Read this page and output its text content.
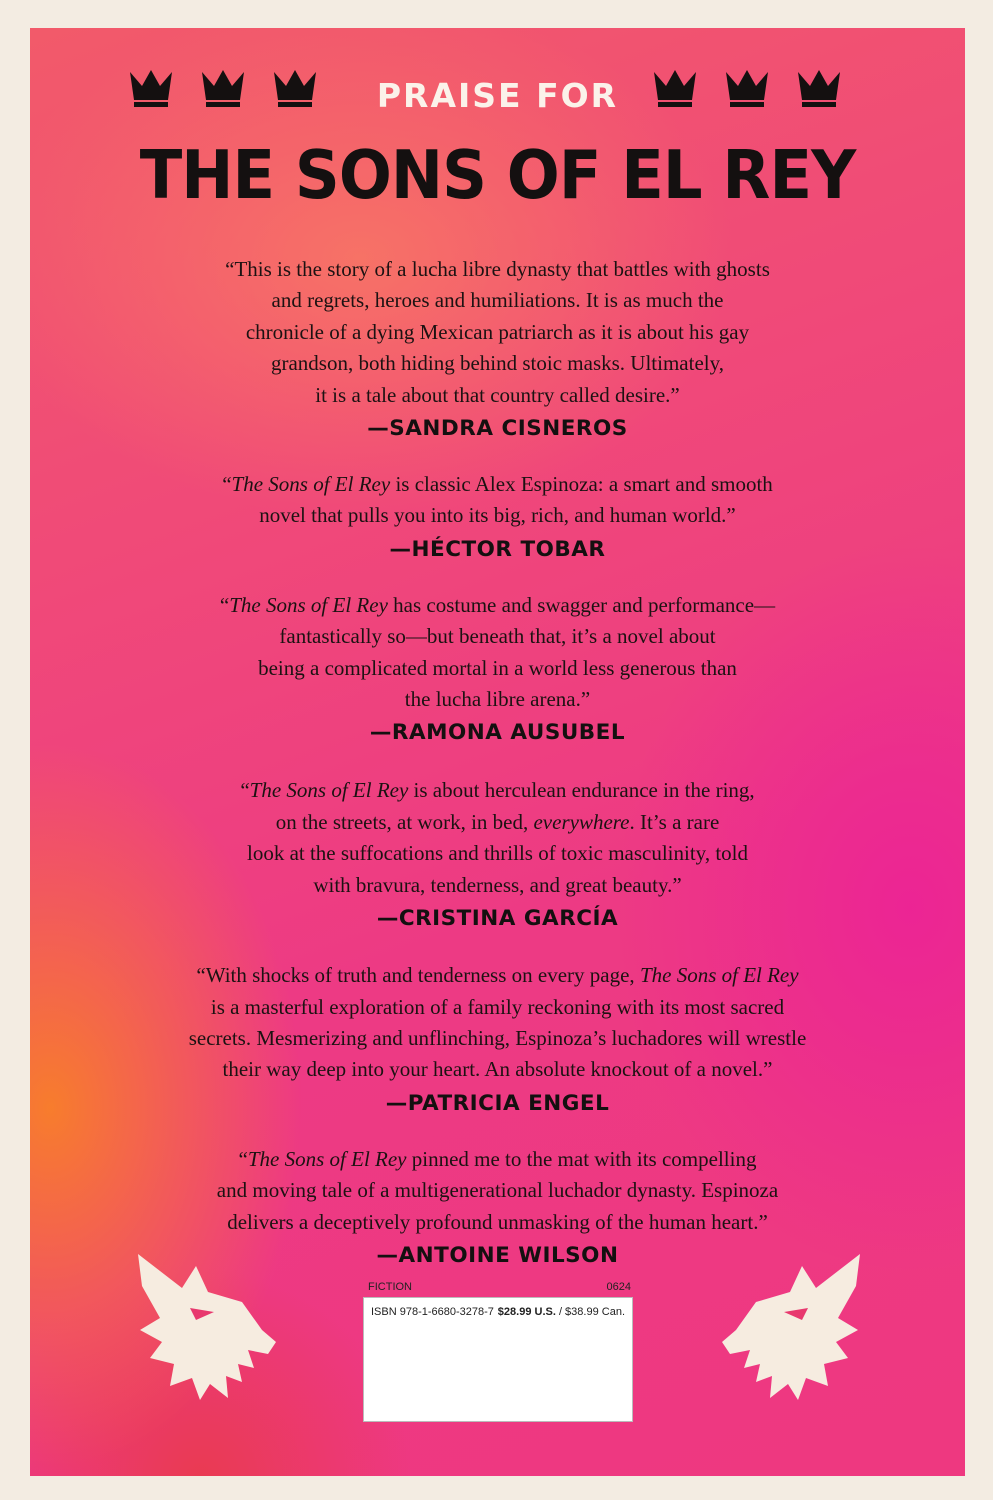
PRAISE FOR
THE SONS OF EL REY
“This is the story of a lucha libre dynasty that battles with ghosts
and regrets, heroes and humiliations. It is as much the
chronicle of a dying Mexican patriarch as it is about his gay
grandson, both hiding behind stoic masks. Ultimately,
it is a tale about that country called desire.”
—SANDRA CISNEROS
“The Sons of El Rey is classic Alex Espinoza: a smart and smooth
novel that pulls you into its big, rich, and human world.”
—HÉCTOR TOBAR
“The Sons of El Rey has costume and swagger and performance—
fantastically so—but beneath that, it’s a novel about
being a complicated mortal in a world less generous than
the lucha libre arena.”
—RAMONA AUSUBEL
“The Sons of El Rey is about herculean endurance in the ring,
on the streets, at work, in bed, everywhere. It’s a rare
look at the suffocations and thrills of toxic masculinity, told
with bravura, tenderness, and great beauty.”
—CRISTINA GARCÍA
“With shocks of truth and tenderness on every page, The Sons of El Rey
is a masterful exploration of a family reckoning with its most sacred
secrets. Mesmerizing and unflinching, Espinoza’s luchadores will wrestle
their way deep into your heart. An absolute knockout of a novel.”
—PATRICIA ENGEL
“The Sons of El Rey pinned me to the mat with its compelling
and moving tale of a multigenerational luchador dynasty. Espinoza
delivers a deceptively profound unmasking of the human heart.”
—ANTOINE WILSON
FICTION	0624
ISBN 978-1-6680-3278-7 $28.99 U.S. / $38.99 Can.
